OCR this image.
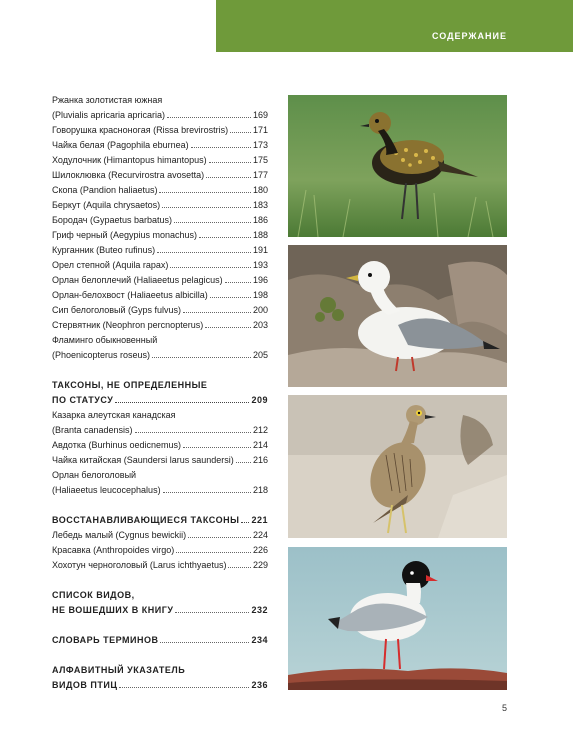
СОДЕРЖАНИЕ
Ржанка золотистая южная
(Pluvialis apricaria apricaria)	169
Говорушка красноногая (Rissa brevirostris)	171
Чайка белая (Pagophila eburnea)	173
Ходулочник (Himantopus himantopus)	175
Шилоклювка (Recurvirostra avosetta)	177
Скопа (Pandion haliaetus)	180
Беркут (Aquila chrysaetos)	183
Бородач (Gypaetus barbatus)	186
Гриф черный (Aegypius monachus)	188
Курганник (Buteo rufinus)	191
Орел степной (Aquila rapax)	193
Орлан белоплечий (Haliaeetus pelagicus)	196
Орлан-белохвост (Haliaeetus albicilla)	198
Сип белоголовый (Gyps fulvus)	200
Стервятник (Neophron percnopterus)	203
Фламинго обыкновенный
(Phoenicopterus roseus)	205
ТАКСОНЫ, НЕ ОПРЕДЕЛЕННЫЕ
ПО СТАТУСУ	209
Казарка алеутская канадская
(Branta canadensis)	212
Авдотка (Burhinus oedicnemus)	214
Чайка китайская (Saundersi larus saundersi) 216
Орлан белоголовый
(Haliaeetus leucocephalus)	218
ВОССТАНАВЛИВАЮЩИЕСЯ ТАКСОНЫ 221
Лебедь малый (Cygnus bewickii)	224
Красавка (Anthropoides virgo)	226
Хохотун черноголовый (Larus ichthyaetus)	229
СПИСОК ВИДОВ,
НЕ ВОШЕДШИХ В КНИГУ	232
СЛОВАРЬ ТЕРМИНОВ	234
АЛФАВИТНЫЙ УКАЗАТЕЛЬ
ВИДОВ ПТИЦ	236
5
